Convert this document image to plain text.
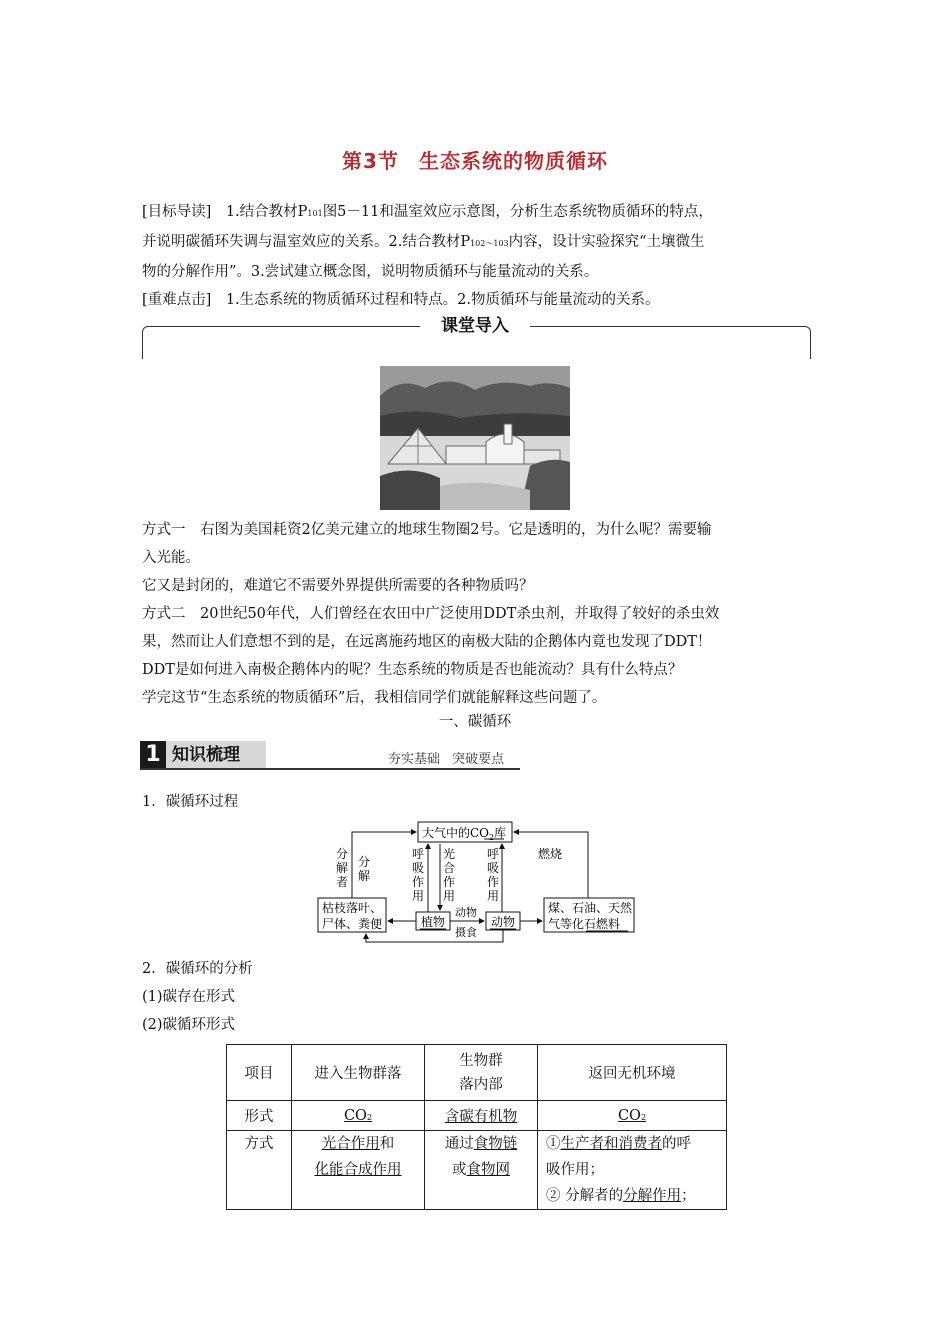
第3节 生态系统的物质循环

[目标导读]　1.结合教材P101图5－11和温室效应示意图，分析生态系统物质循环的特点，

并说明碳循环失调与温室效应的关系。2.结合教材P102～103内容，设计实验探究“土壤微生

物的分解作用”。3.尝试建立概念图，说明物质循环与能量流动的关系。

[重难点击]　1.生态系统的物质循环过程和特点。2.物质循环与能量流动的关系。

课堂导入

方式一　右图为美国耗资2亿美元建立的地球生物圈2号。它是透明的，为什么呢？需要输

入光能。

它又是封闭的，难道它不需要外界提供所需要的各种物质吗？

方式二　20世纪50年代，人们曾经在农田中广泛使用DDT杀虫剂，并取得了较好的杀虫效

果，然而让人们意想不到的是，在远离施药地区的南极大陆的企鹅体内竟也发现了DDT！

DDT是如何进入南极企鹅体内的呢？生态系统的物质是否也能流动？具有什么特点？

学完这节“生态系统的物质循环”后，我相信同学们就能解释这些问题了。

一、碳循环
1 知识梳理	夯实基础 突破要点
1．碳循环过程
大气中的$CO_2$库
枯枝落叶、
尸体、粪便	植物	动物
煤、石油、天然
气等化石燃料
燃烧
分
解
者
分
解
呼
吸
作
用
光
合
作
用
呼
吸
作
用
动物
摄食

2．碳循环的分析

(1)碳存在形式

(2)碳循环形式

项目	进入生物群落	生物群
落内部	返回无机环境
形式	CO2	含碳有机物	CO2
方式	光合作用和
化能合成作用	通过食物链
或食物网	①生产者和消费者的呼
吸作用；
② 分解者的分解作用；
